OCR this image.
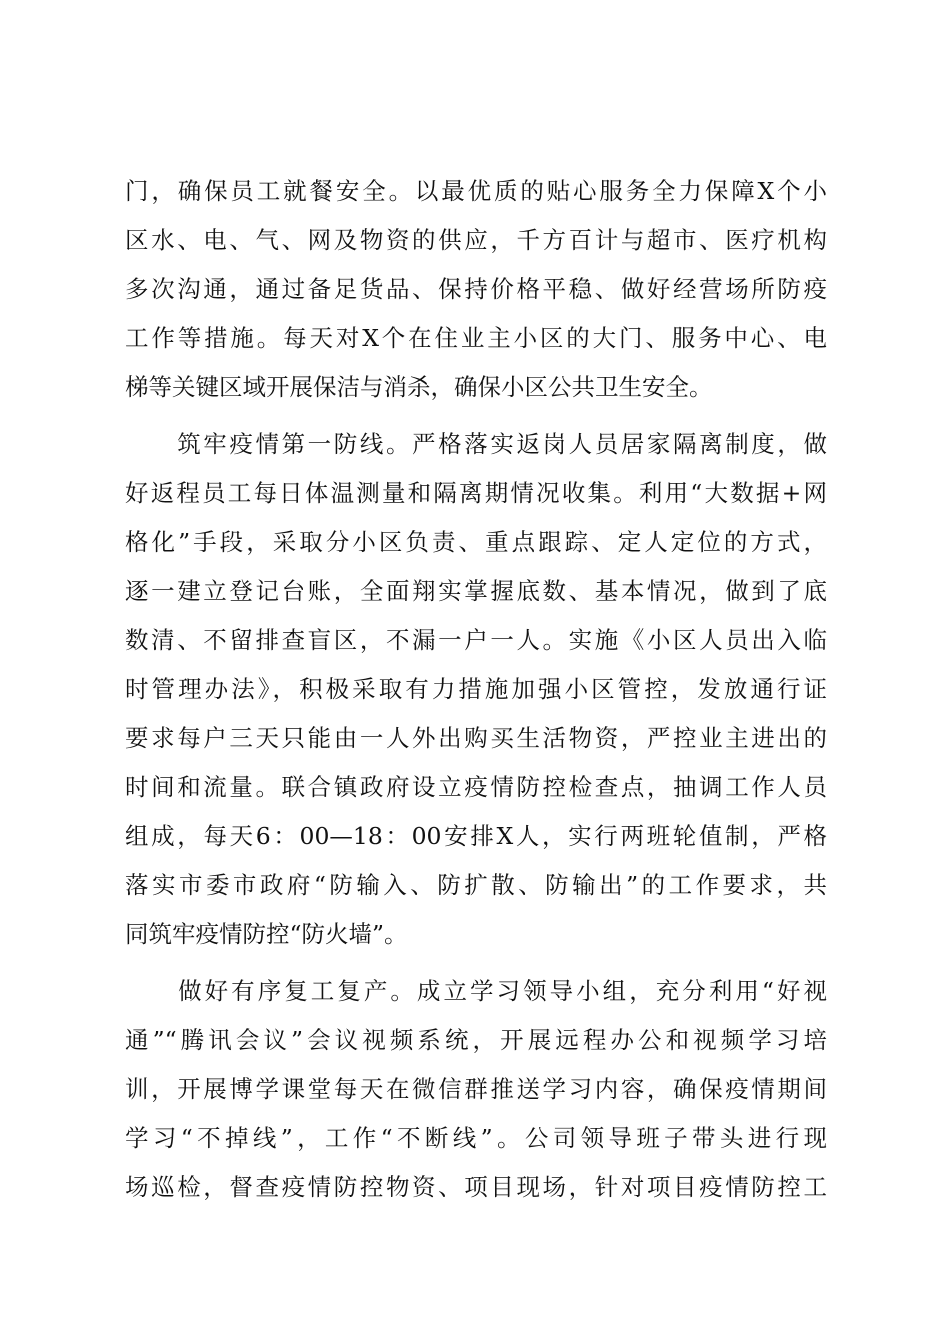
门，确保员工就餐安全。以最优质的贴心服务全力保障X个小
区水、电、气、网及物资的供应，千方百计与超市、医疗机构
多次沟通，通过备足货品、保持价格平稳、做好经营场所防疫
工作等措施。每天对X个在住业主小区的大门、服务中心、电
梯等关键区域开展保洁与消杀，确保小区公共卫生安全。
　　筑牢疫情第一防线。严格落实返岗人员居家隔离制度，做
好返程员工每日体温测量和隔离期情况收集。利用“大数据+网
格化”手段，采取分小区负责、重点跟踪、定人定位的方式，
逐一建立登记台账，全面翔实掌握底数、基本情况，做到了底
数清、不留排查盲区，不漏一户一人。实施《小区人员出入临
时管理办法》，积极采取有力措施加强小区管控，发放通行证
要求每户三天只能由一人外出购买生活物资，严控业主进出的
时间和流量。联合镇政府设立疫情防控检查点，抽调工作人员
组成，每天6：00—18：00安排X人，实行两班轮值制，严格
落实市委市政府“防输入、防扩散、防输出”的工作要求，共
同筑牢疫情防控“防火墙”。
　　做好有序复工复产。成立学习领导小组，充分利用“好视
通”“腾讯会议”会议视频系统，开展远程办公和视频学习培
训，开展博学课堂每天在微信群推送学习内容，确保疫情期间
学习“不掉线”，工作“不断线”。公司领导班子带头进行现
场巡检，督查疫情防控物资、项目现场，针对项目疫情防控工
